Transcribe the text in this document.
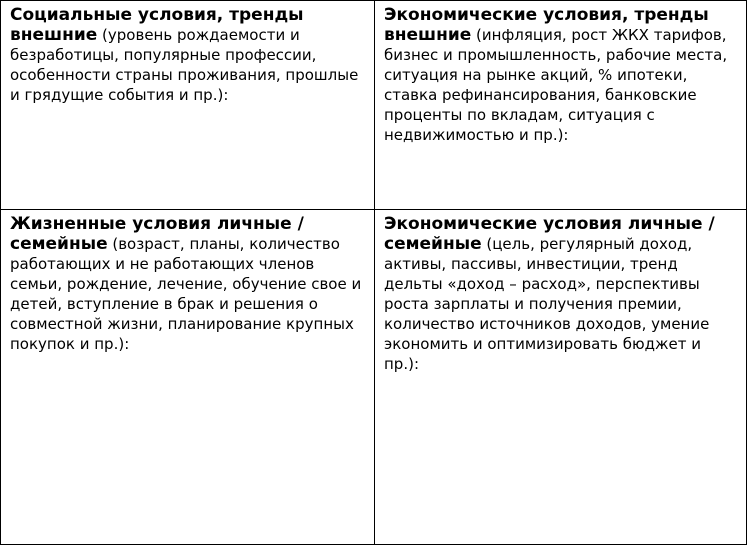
Социальные условия, тренды внешние (уровень рождаемости и безработицы, популярные профессии, особенности страны проживания, прошлые и грядущие события и пр.):
Экономические условия, тренды внешние (инфляция, рост ЖКХ тарифов, бизнес и промышленность, рабочие места, ситуация на рынке акций, % ипотеки, ставка рефинансирования, банковские проценты по вкладам, ситуация с недвижимостью и пр.):
Жизненные условия личные / семейные (возраст, планы, количество работающих и не работающих членов семьи, рождение, лечение, обучение свое и детей, вступление в брак и решения о совместной жизни, планирование крупных покупок и пр.):
Экономические условия личные / семейные (цель, регулярный доход, активы, пассивы, инвестиции, тренд дельты «доход – расход», перспективы роста зарплаты и получения премии, количество источников доходов, умение экономить и оптимизировать бюджет и пр.):
